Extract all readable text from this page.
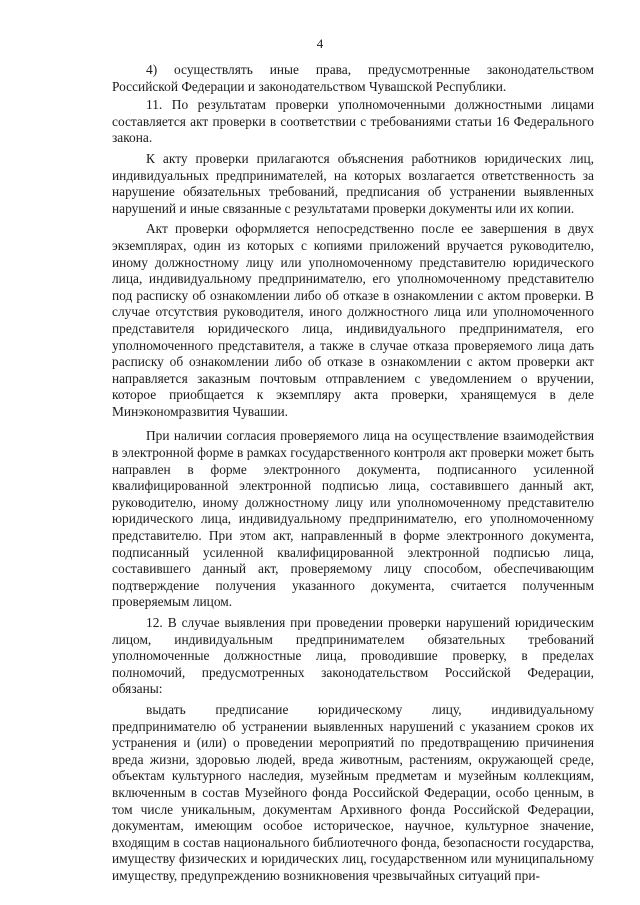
4

4) осуществлять иные права, предусмотренные законодательством Российской Федерации и законодательством Чувашской Республики.

11. По результатам проверки уполномоченными должностными лицами составляется акт проверки в соответствии с требованиями статьи 16 Федерального закона.

К акту проверки прилагаются объяснения работников юридических лиц, индивидуальных предпринимателей, на которых возлагается ответственность за нарушение обязательных требований, предписания об устранении выявленных нарушений и иные связанные с результатами проверки документы или их копии.

Акт проверки оформляется непосредственно после ее завершения в двух экземплярах, один из которых с копиями приложений вручается руководителю, иному должностному лицу или уполномоченному представителю юридического лица, индивидуальному предпринимателю, его уполномоченному представителю под расписку об ознакомлении либо об отказе в ознакомлении с актом проверки. В случае отсутствия руководителя, иного должностного лица или уполномоченного представителя юридического лица, индивидуального предпринимателя, его уполномоченного представителя, а также в случае отказа проверяемого лица дать расписку об ознакомлении либо об отказе в ознакомлении с актом проверки акт направляется заказным почтовым отправлением с уведомлением о вручении, которое приобщается к экземпляру акта проверки, хранящемуся в деле Минэкономразвития Чувашии.

При наличии согласия проверяемого лица на осуществление взаимодействия в электронной форме в рамках государственного контроля акт проверки может быть направлен в форме электронного документа, подписанного усиленной квалифицированной электронной подписью лица, составившего данный акт, руководителю, иному должностному лицу или уполномоченному представителю юридического лица, индивидуальному предпринимателю, его уполномоченному представителю. При этом акт, направленный в форме электронного документа, подписанный усиленной квалифицированной электронной подписью лица, составившего данный акт, проверяемому лицу способом, обеспечивающим подтверждение получения указанного документа, считается полученным проверяемым лицом.

12. В случае выявления при проведении проверки нарушений юридическим лицом, индивидуальным предпринимателем обязательных требований уполномоченные должностные лица, проводившие проверку, в пределах полномочий, предусмотренных законодательством Российской Федерации, обязаны:

выдать предписание юридическому лицу, индивидуальному предпринимателю об устранении выявленных нарушений с указанием сроков их устранения и (или) о проведении мероприятий по предотвращению причинения вреда жизни, здоровью людей, вреда животным, растениям, окружающей среде, объектам культурного наследия, музейным предметам и музейным коллекциям, включенным в состав Музейного фонда Российской Федерации, особо ценным, в том числе уникальным, документам Архивного фонда Российской Федерации, документам, имеющим особое историческое, научное, культурное значение, входящим в состав национального библиотечного фонда, безопасности государства, имуществу физических и юридических лиц, государственном или муниципальному имуществу, предупреждению возникновения чрезвычайных ситуаций при-
